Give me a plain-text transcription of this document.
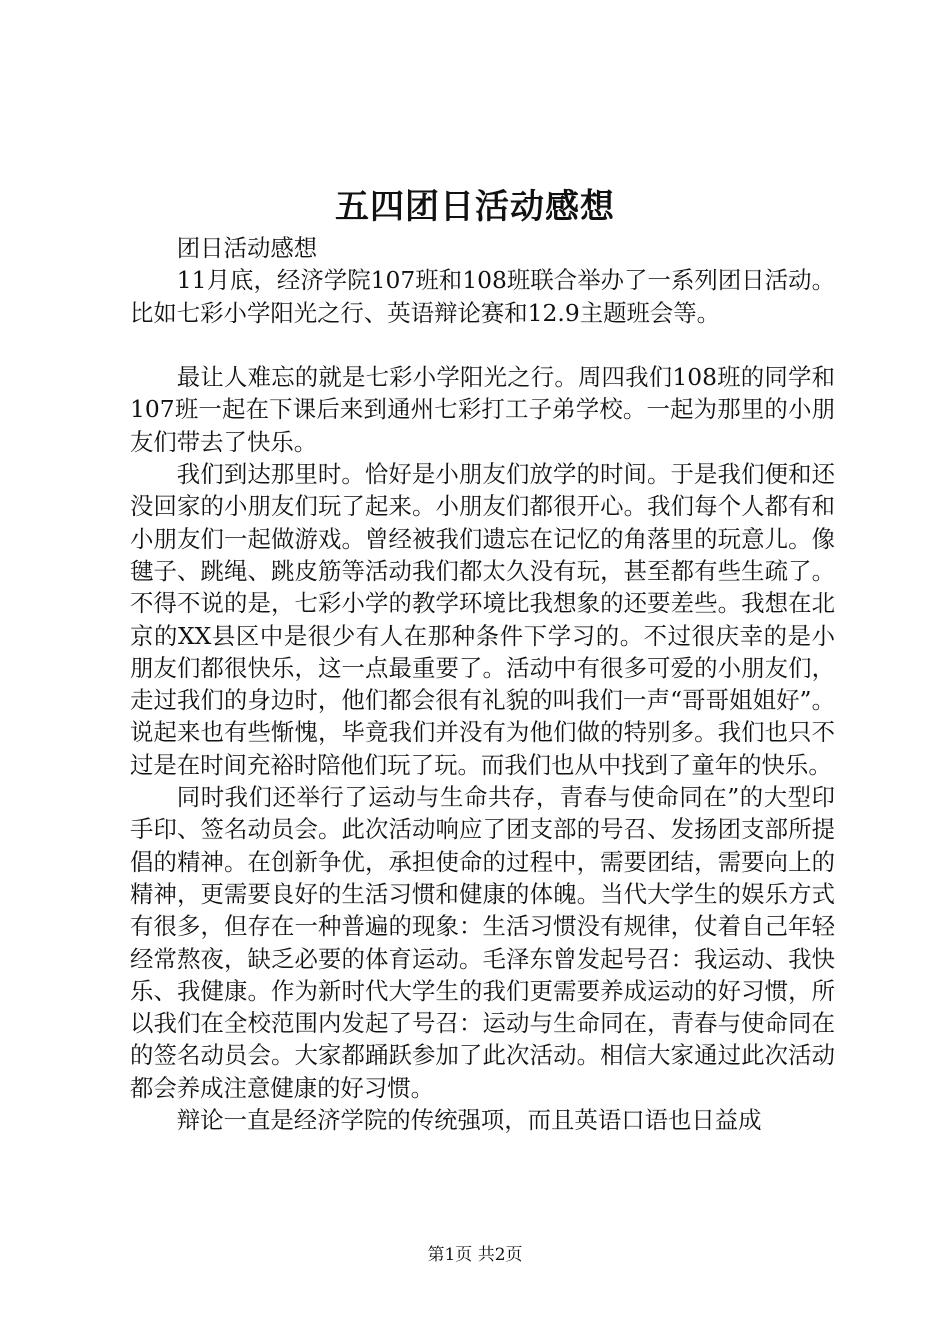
五四团日活动感想

团日活动感想

11月底，经济学院107班和108班联合举办了一系列团日活动。比如七彩小学阳光之行、英语辩论赛和12.9主题班会等。

最让人难忘的就是七彩小学阳光之行。周四我们108班的同学和107班一起在下课后来到通州七彩打工子弟学校。一起为那里的小朋友们带去了快乐。

我们到达那里时。恰好是小朋友们放学的时间。于是我们便和还没回家的小朋友们玩了起来。小朋友们都很开心。我们每个人都有和小朋友们一起做游戏。曾经被我们遗忘在记忆的角落里的玩意儿。像毽子、跳绳、跳皮筋等活动我们都太久没有玩，甚至都有些生疏了。不得不说的是，七彩小学的教学环境比我想象的还要差些。我想在北京的XX县区中是很少有人在那种条件下学习的。不过很庆幸的是小朋友们都很快乐，这一点最重要了。活动中有很多可爱的小朋友们，走过我们的身边时，他们都会很有礼貌的叫我们一声“哥哥姐姐好”。说起来也有些惭愧，毕竟我们并没有为他们做的特别多。我们也只不过是在时间充裕时陪他们玩了玩。而我们也从中找到了童年的快乐。

同时我们还举行了运动与生命共存，青春与使命同在”的大型印手印、签名动员会。此次活动响应了团支部的号召、发扬团支部所提倡的精神。在创新争优，承担使命的过程中，需要团结，需要向上的精神，更需要良好的生活习惯和健康的体魄。当代大学生的娱乐方式有很多，但存在一种普遍的现象：生活习惯没有规律，仗着自己年轻经常熬夜，缺乏必要的体育运动。毛泽东曾发起号召：我运动、我快乐、我健康。作为新时代大学生的我们更需要养成运动的好习惯，所以我们在全校范围内发起了号召：运动与生命同在，青春与使命同在的签名动员会。大家都踊跃参加了此次活动。相信大家通过此次活动都会养成注意健康的好习惯。

辩论一直是经济学院的传统强项，而且英语口语也日益成

第1页 共2页
